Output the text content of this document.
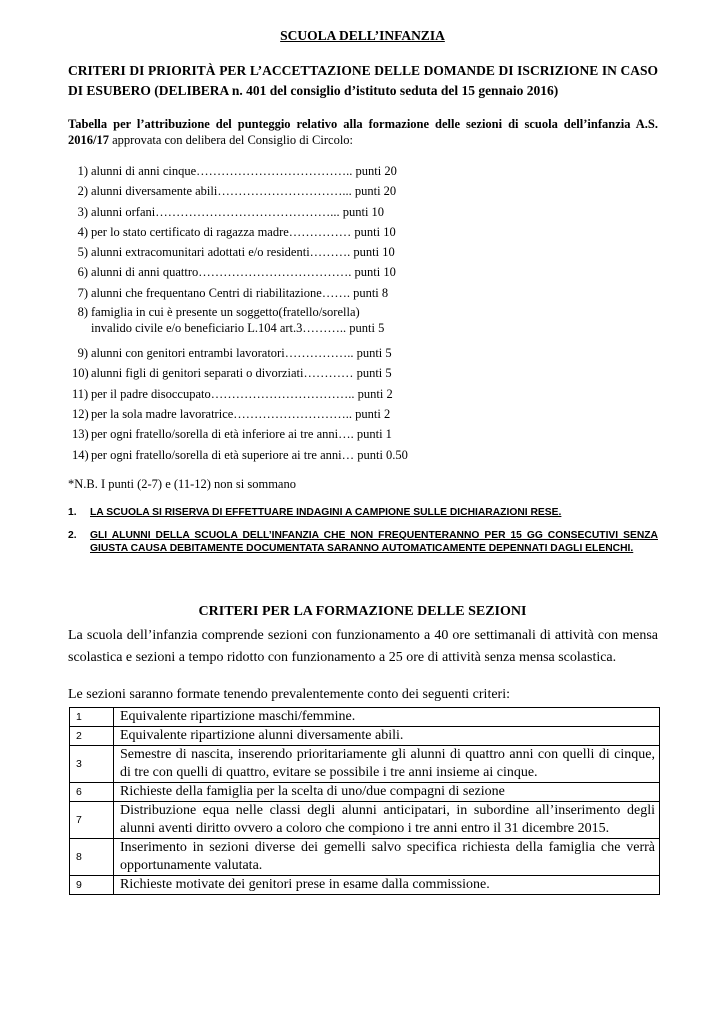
SCUOLA DELL’INFANZIA
CRITERI DI PRIORITÀ PER L’ACCETTAZIONE DELLE DOMANDE DI ISCRIZIONE IN CASO DI ESUBERO (DELIBERA n. 401 del consiglio d’istituto seduta del 15 gennaio 2016)
Tabella per l’attribuzione del punteggio relativo alla formazione delle sezioni di scuola dell’infanzia A.S. 2016/17 approvata con delibera del Consiglio di Circolo:
1) alunni di anni cinque……………………………….. punti 20
2) alunni diversamente abili…………………………... punti 20
3) alunni orfani……………………………………... punti 10
4) per lo stato certificato di ragazza madre…………… punti 10
5) alunni extracomunitari adottati e/o residenti………. punti 10
6) alunni di anni quattro………………………………. punti 10
7) alunni che frequentano Centri di riabilitazione……. punti 8
8) famiglia in cui è presente un soggetto(fratello/sorella)
invalido civile e/o beneficiario L.104 art.3……….. punti 5
9) alunni con genitori entrambi lavoratori…………….. punti 5
10) alunni figli di genitori separati o divorziati………… punti 5
11) per il padre disoccupato…………………………….. punti 2
12) per la sola madre lavoratrice……………………….. punti 2
13) per ogni fratello/sorella di età inferiore ai tre anni…. punti 1
14) per ogni fratello/sorella di età superiore ai tre anni… punti 0.50
*N.B. I punti (2-7) e (11-12) non si sommano
1. LA SCUOLA SI RISERVA DI EFFETTUARE INDAGINI A CAMPIONE SULLE DICHIARAZIONI RESE.
2. GLI ALUNNI DELLA SCUOLA DELL’INFANZIA CHE NON FREQUENTERANNO PER 15 GG CONSECUTIVI SENZA GIUSTA CAUSA DEBITAMENTE DOCUMENTATA SARANNO AUTOMATICAMENTE DEPENNATI DAGLI ELENCHI.
CRITERI PER LA FORMAZIONE DELLE SEZIONI
La scuola dell’infanzia comprende sezioni con funzionamento a 40 ore settimanali di attività con mensa scolastica e sezioni a tempo ridotto con funzionamento a 25 ore di attività senza mensa scolastica.
Le sezioni saranno formate tenendo prevalentemente conto dei seguenti criteri:
1	Equivalente ripartizione maschi/femmine.
2	Equivalente ripartizione alunni diversamente abili.
3	Semestre di nascita, inserendo prioritariamente gli alunni di quattro anni con quelli di cinque, di tre con quelli di quattro, evitare se possibile i tre anni insieme ai cinque.
6	Richieste della famiglia per la scelta di uno/due compagni di sezione
7	Distribuzione equa nelle classi degli alunni anticipatari, in subordine all’inserimento degli alunni aventi diritto ovvero a coloro che compiono i tre anni entro il 31 dicembre 2015.
8	Inserimento in sezioni diverse dei gemelli salvo specifica richiesta della famiglia che verrà opportunamente valutata.
9	Richieste motivate dei genitori prese in esame dalla commissione.
